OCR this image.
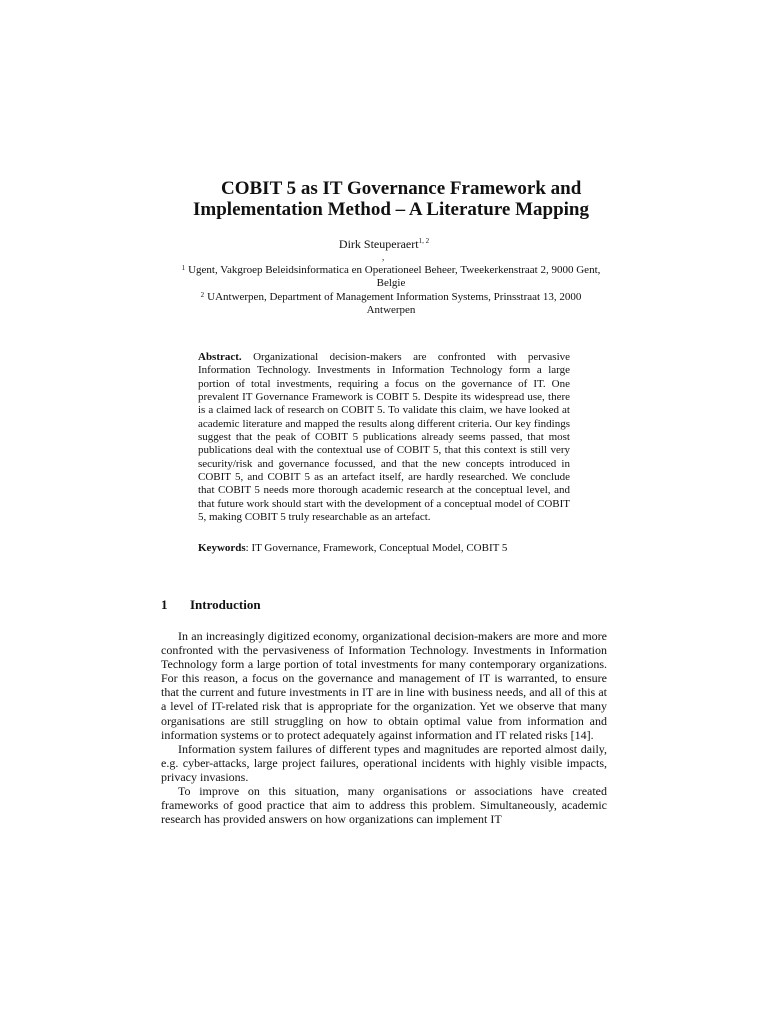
COBIT 5 as IT Governance Framework and
Implementation Method – A Literature Mapping
Dirk Steuperaert$^{1, 2}$
,
$^1$ Ugent, Vakgroep Beleidsinformatica en Operationeel Beheer, Tweekerkenstraat 2, 9000 Gent, Belgie
$^2$ UAntwerpen, Department of Management Information Systems, Prinsstraat 13, 2000 Antwerpen
Abstract. Organizational decision-makers are confronted with pervasive Information Technology. Investments in Information Technology form a large portion of total investments, requiring a focus on the governance of IT. One prevalent IT Governance Framework is COBIT 5. Despite its widespread use, there is a claimed lack of research on COBIT 5. To validate this claim, we have looked at academic literature and mapped the results along different criteria. Our key findings suggest that the peak of COBIT 5 publications already seems passed, that most publications deal with the contextual use of COBIT 5, that this context is still very security/risk and governance focussed, and that the new concepts introduced in COBIT 5, and COBIT 5 as an artefact itself, are hardly researched. We conclude that COBIT 5 needs more thorough academic research at the conceptual level, and that future work should start with the development of a conceptual model of COBIT 5, making COBIT 5 truly researchable as an artefact.
Keywords: IT Governance, Framework, Conceptual Model, COBIT 5
1 Introduction

In an increasingly digitized economy, organizational decision-makers are more and more confronted with the pervasiveness of Information Technology. Investments in Information Technology form a large portion of total investments for many contemporary organizations. For this reason, a focus on the governance and management of IT is warranted, to ensure that the current and future investments in IT are in line with business needs, and all of this at a level of IT-related risk that is appropriate for the organization. Yet we observe that many organisations are still struggling on how to obtain optimal value from information and information systems or to protect adequately against information and IT related risks [14].

Information system failures of different types and magnitudes are reported almost daily, e.g. cyber-attacks, large project failures, operational incidents with highly visible impacts, privacy invasions.

To improve on this situation, many organisations or associations have created frameworks of good practice that aim to address this problem. Simultaneously, academic research has provided answers on how organizations can implement IT
